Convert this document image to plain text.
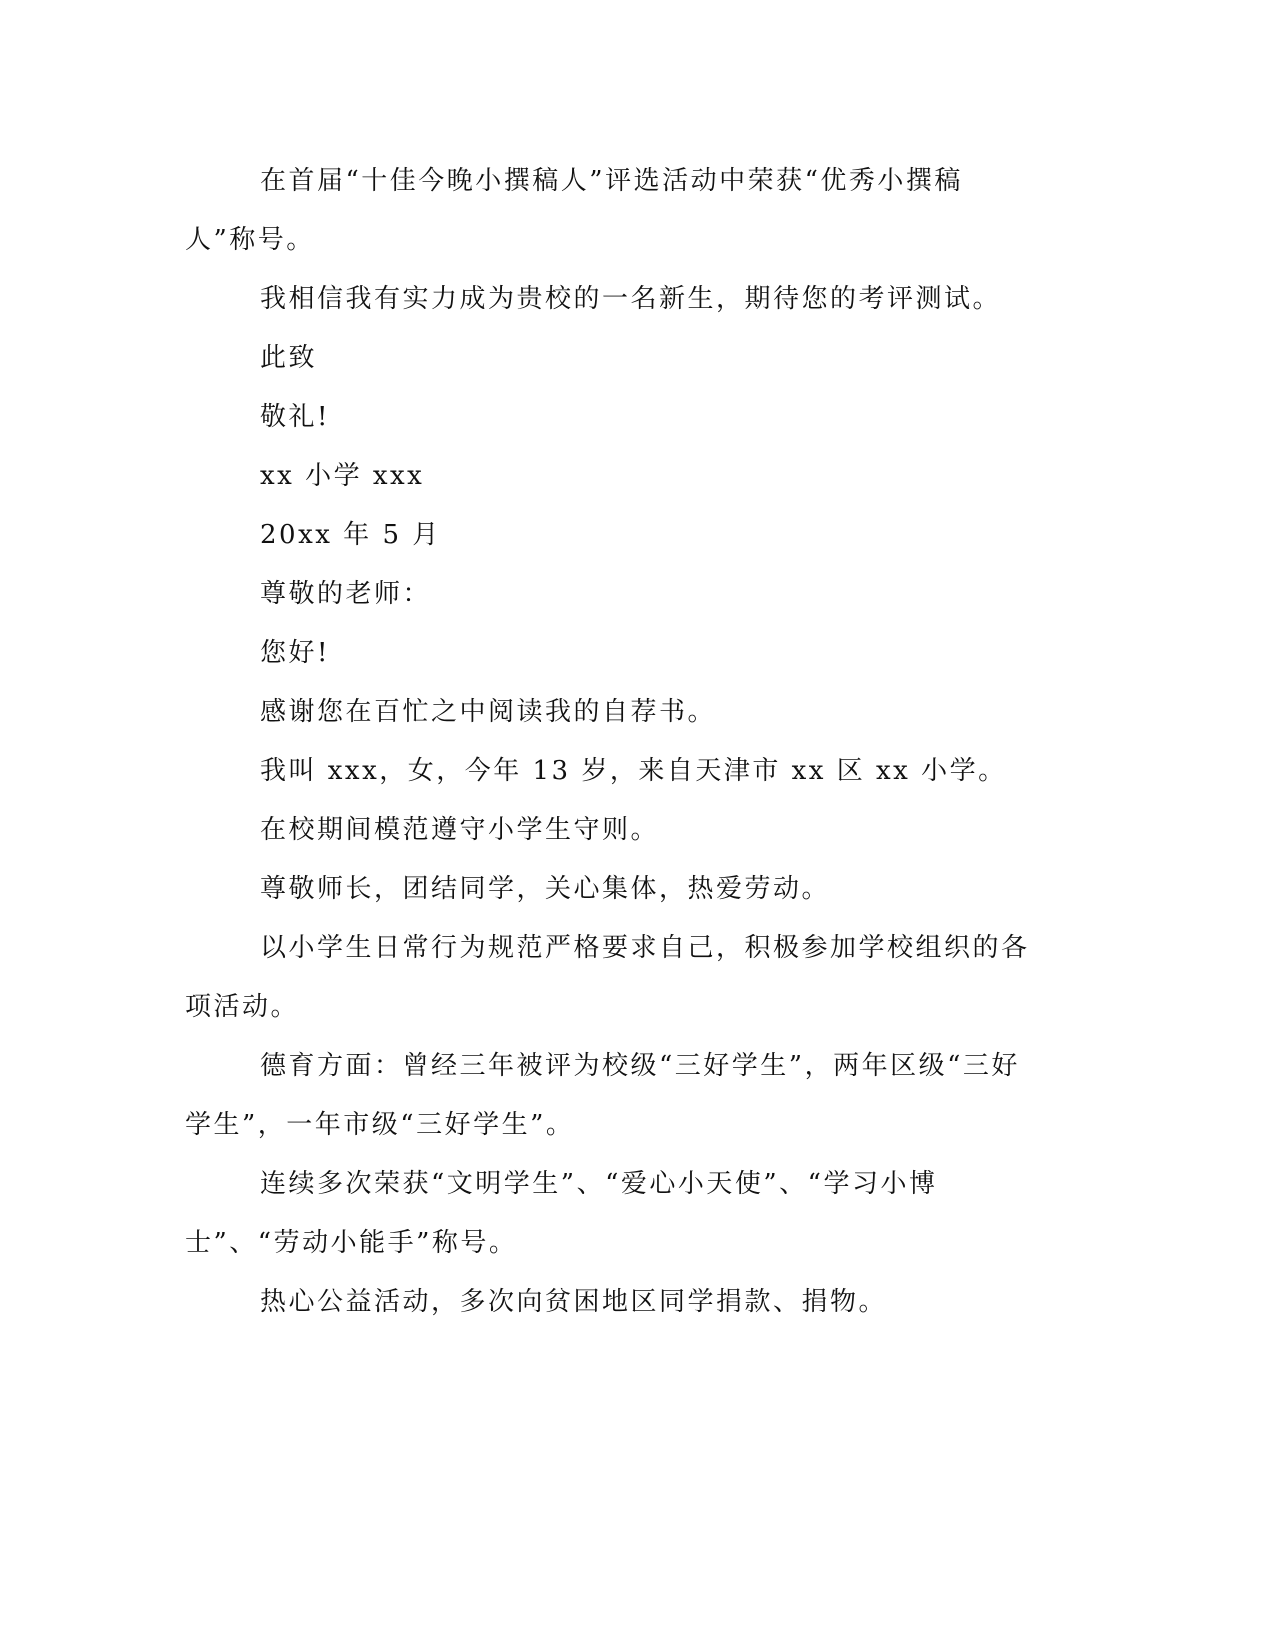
在首届“十佳今晚小撰稿人”评选活动中荣获“优秀小撰稿人”称号。

我相信我有实力成为贵校的一名新生，期待您的考评测试。

此致

敬礼!

xx 小学 xxx

20xx 年 5 月

尊敬的老师：

您好!

感谢您在百忙之中阅读我的自荐书。

我叫 xxx，女，今年 13 岁，来自天津市 xx 区 xx 小学。

在校期间模范遵守小学生守则。

尊敬师长，团结同学，关心集体，热爱劳动。

以小学生日常行为规范严格要求自己，积极参加学校组织的各项活动。

德育方面：曾经三年被评为校级“三好学生”，两年区级“三好学生”，一年市级“三好学生”。

连续多次荣获“文明学生”、“爱心小天使”、“学习小博士”、“劳动小能手”称号。

热心公益活动，多次向贫困地区同学捐款、捐物。
